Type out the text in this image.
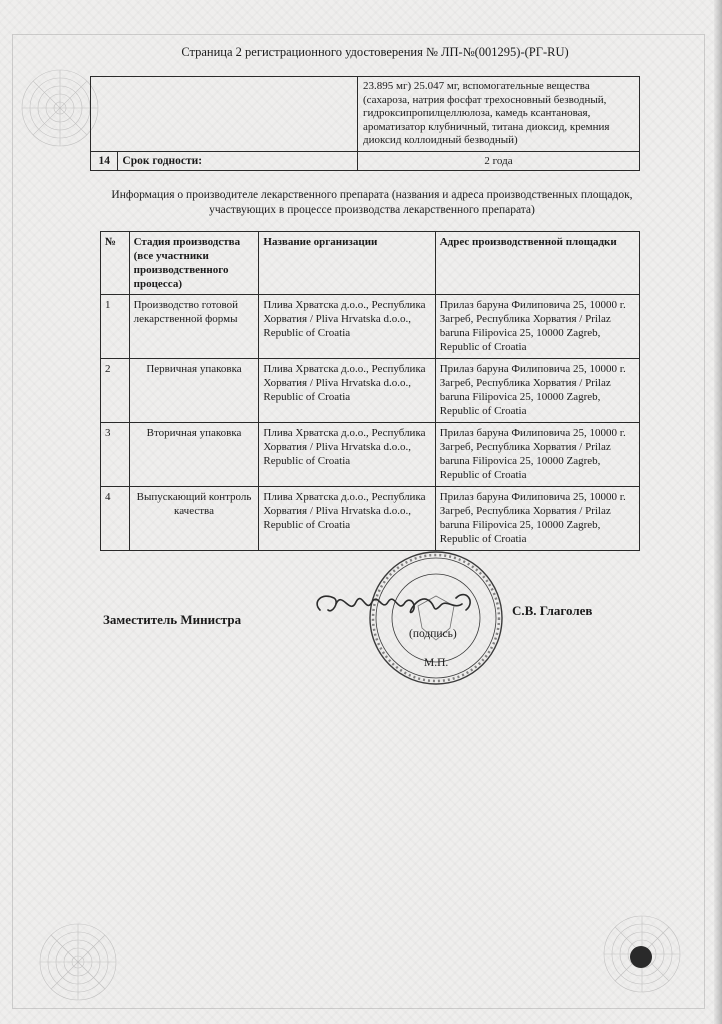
Страница 2 регистрационного удостоверения № ЛП-№(001295)-(РГ-RU)
		23.895 мг) 25.047 мг, вспомогательные вещества (сахароза, натрия фосфат трехосновный безводный, гидроксипропилцеллюлоза, камедь ксантановая, ароматизатор клубничный, титана диоксид, кремния диоксид коллоидный безводный)
14	Срок годности:	2 года
Информация о производителе лекарственного препарата (названия и адреса производственных площадок, участвующих в процессе производства лекарственного препарата)
№	Стадия производства (все участники производственного процесса)	Название организации	Адрес производственной площадки
1	Производство готовой лекарственной формы	Плива Хрватска д.о.о., Республика Хорватия / Pliva Hrvatska d.o.o., Republic of Croatia	Прилаз баруна Филиповича 25, 10000 г. Загреб, Республика Хорватия / Prilaz baruna Filipovica 25, 10000 Zagreb, Republic of Croatia
2	Первичная упаковка	Плива Хрватска д.о.о., Республика Хорватия / Pliva Hrvatska d.o.o., Republic of Croatia	Прилаз баруна Филиповича 25, 10000 г. Загреб, Республика Хорватия / Prilaz baruna Filipovica 25, 10000 Zagreb, Republic of Croatia
3	Вторичная упаковка	Плива Хрватска д.о.о., Республика Хорватия / Pliva Hrvatska d.o.o., Republic of Croatia	Прилаз баруна Филиповича 25, 10000 г. Загреб, Республика Хорватия / Prilaz baruna Filipovica 25, 10000 Zagreb, Republic of Croatia
4	Выпускающий контроль качества	Плива Хрватска д.о.о., Республика Хорватия / Pliva Hrvatska d.o.o., Republic of Croatia	Прилаз баруна Филиповича 25, 10000 г. Загреб, Республика Хорватия / Prilaz baruna Filipovica 25, 10000 Zagreb, Republic of Croatia
Заместитель Министра
С.В. Глаголев
(подпись)
М.П.
